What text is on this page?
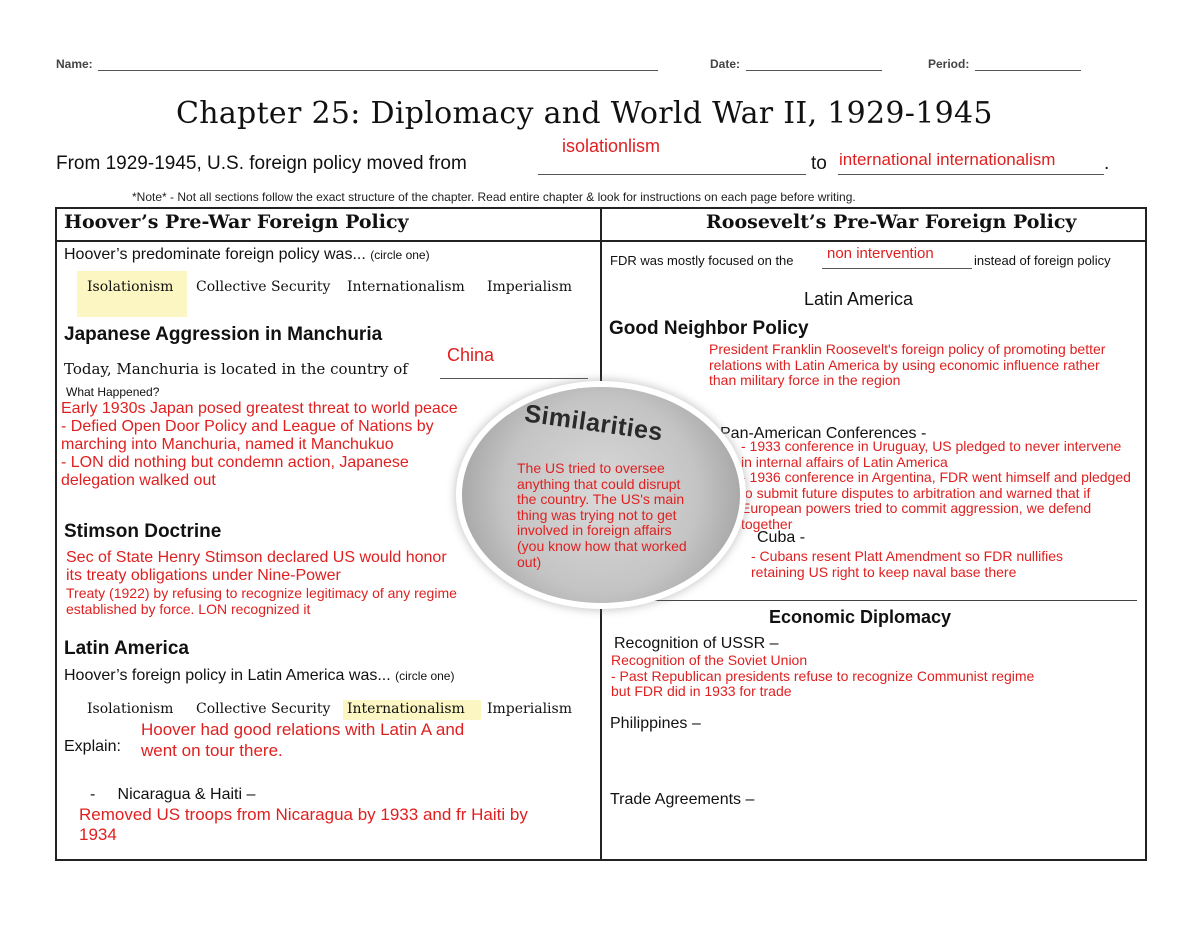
Name:	Date:	Period:
Chapter 25: Diplomacy and World War II, 1929-1945
From 1929-1945, U.S. foreign policy moved from
isolationlism
to international internationalism	.
*Note* - Not all sections follow the exact structure of the chapter. Read entire chapter & look for instructions on each page before writing.
Hoover’s Pre-War Foreign Policy	Roosevelt’s Pre-War Foreign Policy
Hoover’s predominate foreign policy was... (circle one)
Isolationism Collective Security Internationalism Imperialism
Japanese Aggression in Manchuria
Today, Manchuria is located in the country of
China
What Happened?
Early 1930s Japan posed greatest threat to world peace
- Defied Open Door Policy and League of Nations by marching into Manchuria, named it Manchukuo
- LON did nothing but condemn action, Japanese delegation walked out
Stimson Doctrine
Sec of State Henry Stimson declared US would honor its treaty obligations under Nine-Power
Treaty (1922) by refusing to recognize legitimacy of any regime established by force. LON recognized it
Latin America
Hoover’s foreign policy in Latin America was... (circle one)
Isolationism Collective Security Internationalism Imperialism
Explain:
Hoover had good relations with Latin A and went on tour there.
-     Nicaragua & Haiti –
Removed US troops from Nicaragua by 1933 and fr Haiti by 1934
FDR was mostly focused on the non intervention	instead of foreign policy
Latin America
Good Neighbor Policy
President Franklin Roosevelt's foreign policy of promoting better relations with Latin America by using economic influence rather than military force in the region
Pan-American Conferences -
- 1933 conference in Uruguay, US pledged to never intervene in internal affairs of Latin America
- 1936 conference in Argentina, FDR went himself and pledged to submit future disputes to arbitration and warned that if European powers tried to commit aggression, we defend together
Cuba -
- Cubans resent Platt Amendment so FDR nullifies retaining US right to keep naval base there
Economic Diplomacy
Recognition of USSR –
Recognition of the Soviet Union
- Past Republican presidents refuse to recognize Communist regime but FDR did in 1933 for trade
Philippines –
Trade Agreements –
Similarities
The US tried to oversee anything that could disrupt the country. The US's main thing was trying not to get involved in foreign affairs (you know how that worked out)
